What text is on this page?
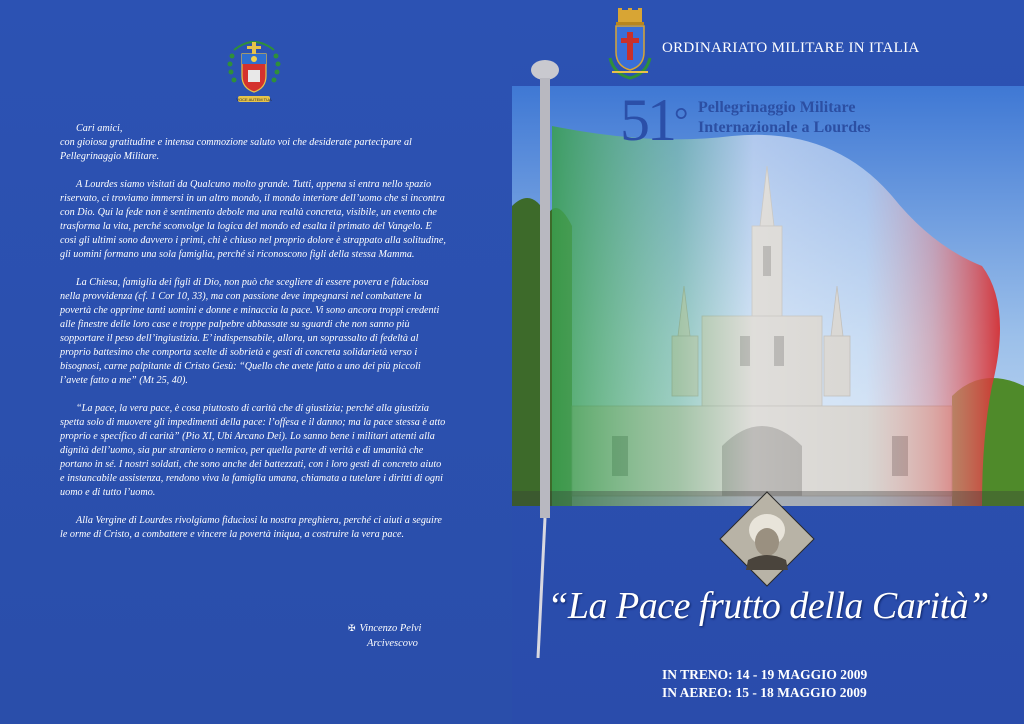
VOCE AUTEM TUA

Cari amici,

con gioiosa gratitudine e intensa commozione saluto voi che desiderate partecipare al Pellegrinaggio Militare.

A Lourdes siamo visitati da Qualcuno molto grande. Tutti, appena si entra nello spazio riservato, ci troviamo immersi in un altro mondo, il mondo interiore dell’uomo che si incontra con Dio. Qui la fede non è sentimento debole ma una realtà concreta, visibile, un evento che trasforma la vita, perché sconvolge la logica del mondo ed esalta il primato del Vangelo. E così gli ultimi sono davvero i primi, chi è chiuso nel proprio dolore è strappato alla solitudine, gli uomini formano una sola famiglia, perché si riconoscono figli della stessa Mamma.

La Chiesa, famiglia dei figli di Dio, non può che scegliere di essere povera e fiduciosa nella provvidenza (cf. 1 Cor 10, 33), ma con passione deve impegnarsi nel combattere la povertà che opprime tanti uomini e donne e minaccia la pace. Vi sono ancora troppi credenti alle finestre delle loro case e troppe palpebre abbassate su sguardi che non sanno più sopportare il peso dell’ingiustizia. E’ indispensabile, allora, un soprassalto di fedeltà al proprio battesimo che comporta scelte di sobrietà e gesti di concreta solidarietà verso i bisognosi, carne palpitante di Cristo Gesù: “Quello che avete fatto a uno dei più piccoli l’avete fatto a me” (Mt 25, 40).

“La pace, la vera pace, è cosa piuttosto di carità che di giustizia; perché alla giustizia spetta solo di muovere gli impedimenti della pace: l’offesa e il danno; ma la pace stessa è atto proprio e specifico di carità” (Pio XI, Ubi Arcano Dei). Lo sanno bene i militari attenti alla dignità dell’uomo, sia pur straniero o nemico, per quella parte di verità e di umanità che portano in sé. I nostri soldati, che sono anche dei battezzati, con i loro gesti di concreto aiuto e instancabile assistenza, rendono viva la famiglia umana, chiamata a tutelare i diritti di ogni uomo e di tutto l’uomo.

Alla Vergine di Lourdes rivolgiamo fiduciosi la nostra preghiera, perché ci aiuti a seguire le orme di Cristo, a combattere e vincere la povertà iniqua, a costruire la vera pace.

✠ Vincenzo Pelvi
Arcivescovo
ORDINARIATO MILITARE IN ITALIA
51° Pellegrinaggio Militare
Internazionale a Lourdes
“La Pace frutto della Carità”
IN TRENO: 14 - 19 MAGGIO 2009
IN AEREO: 15 - 18 MAGGIO 2009
